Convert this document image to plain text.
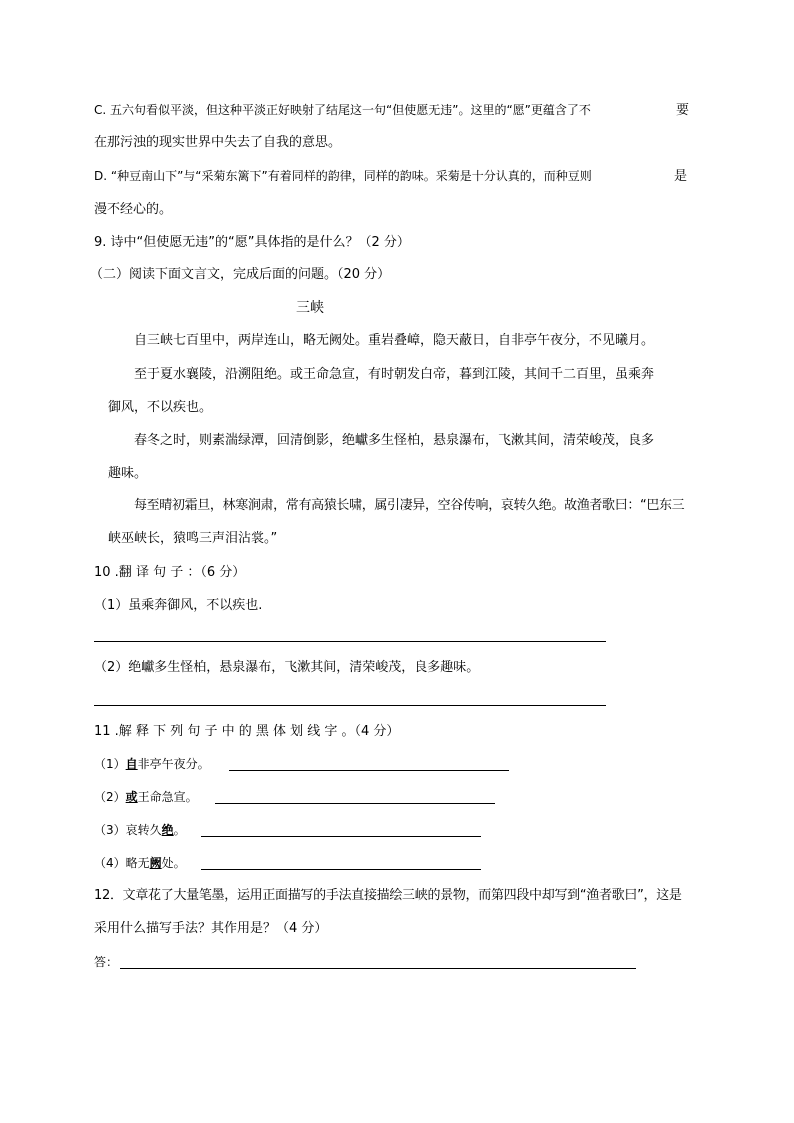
C. 五六句看似平淡，但这种平淡正好映射了结尾这一句“但使愿无违”。这里的“愿”更蕴含了不	要
在那污浊的现实世界中失去了自我的意思。
D. “种豆南山下”与“采菊东篱下”有着同样的韵律，同样的韵味。采菊是十分认真的，而种豆则	是
漫不经心的。
9. 诗中“但使愿无违”的“愿”具体指的是什么？（2 分）
（二）阅读下面文言文，完成后面的问题。（20 分）
三峡
自三峡七百里中，两岸连山，略无阙处。重岩叠嶂，隐天蔽日，自非亭午夜分，不见曦月。
至于夏水襄陵，沿溯阻绝。或王命急宣，有时朝发白帝，暮到江陵，其间千二百里，虽乘奔
御风，不以疾也。
春冬之时，则素湍绿潭，回清倒影，绝巘多生怪柏，悬泉瀑布，飞漱其间，清荣峻茂，良多
趣味。
每至晴初霜旦，林寒涧肃，常有高猿长啸，属引凄异，空谷传响，哀转久绝。故渔者歌曰：“巴东三
峡巫峡长，猿鸣三声泪沾裳。”
10 .翻 译 句 子 ：（6 分）
（1）虽乘奔御风，不以疾也.
（2）绝巘多生怪柏，悬泉瀑布，飞漱其间，清荣峻茂，良多趣味。
11 .解 释 下 列 句 子 中 的 黑 体 划 线 字 。（4 分）
（1）自非亭午夜分。
（2）或王命急宣。
（3）哀转久绝。
（4）略无阙处。
12．文章花了大量笔墨，运用正面描写的手法直接描绘三峡的景物，而第四段中却写到“渔者歌曰”，这是
采用什么描写手法？其作用是？（4 分）
答：
